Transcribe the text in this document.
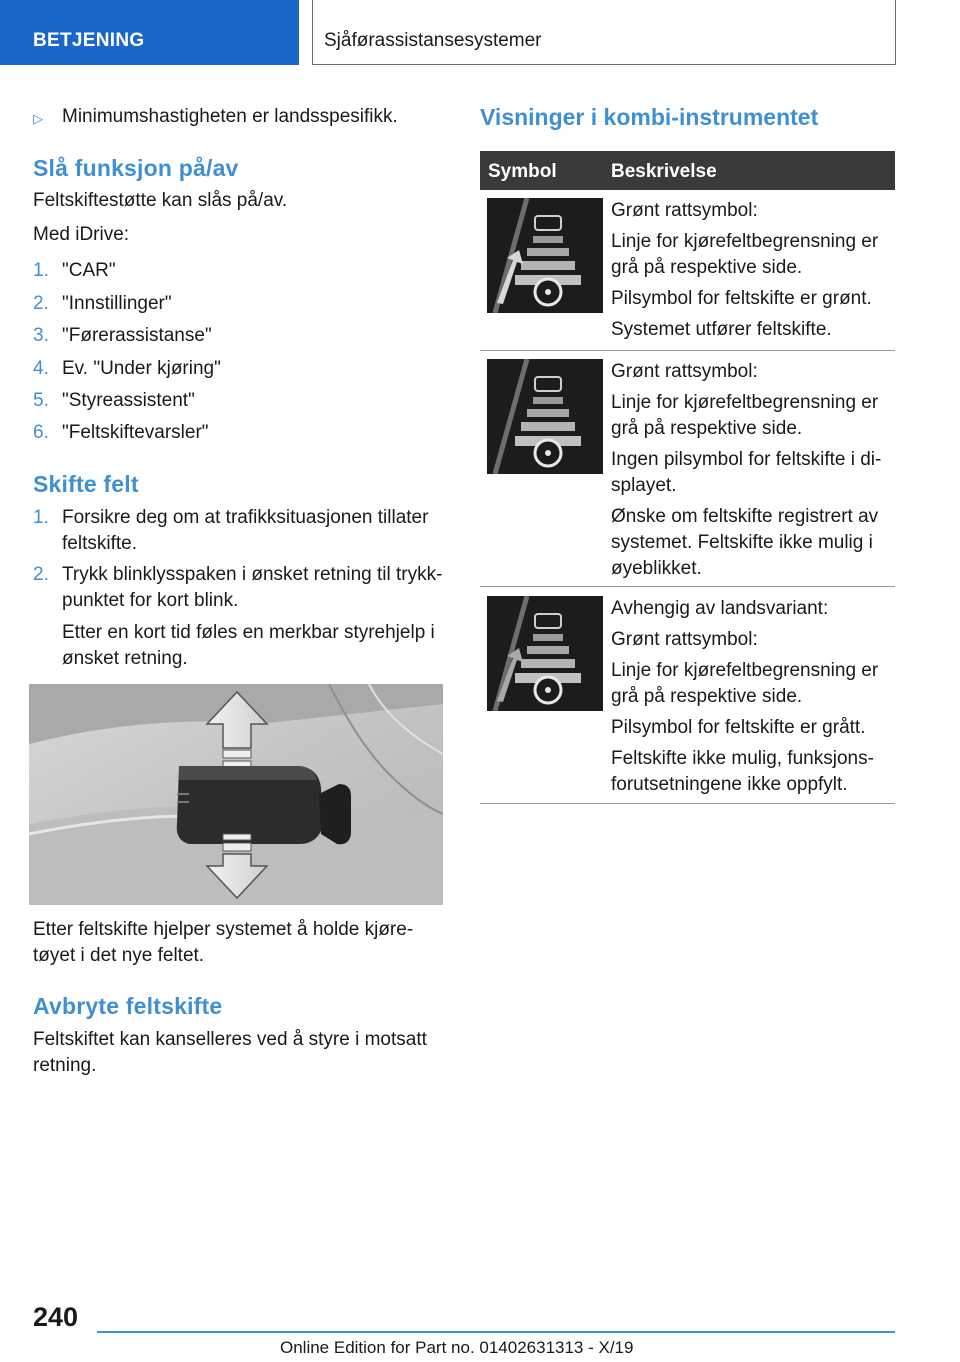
BETJENING	Sjåførassistansesystemer
▷ Minimumshastigheten er landsspesifikk.
Slå funksjon på/av
Feltskiftestøtte kan slås på/av.
Med iDrive:
1. "CAR"
2. "Innstillinger"
3. "Førerassistanse"
4. Ev. "Under kjøring"
5. "Styreassistent"
6. "Feltskiftevarsler"
Skifte felt
1. Forsikre deg om at trafikksituasjonen tillater
feltskifte.
2. Trykk blinklysspaken i ønsket retning til trykk-
punktet for kort blink.
Etter en kort tid føles en merkbar styrehjelp i
ønsket retning.
Etter feltskifte hjelper systemet å holde kjøre-
tøyet i det nye feltet.
Avbryte feltskifte
Feltskiftet kan kanselleres ved å styre i motsatt
retning.
Visninger i kombi-instrumentet
Symbol	Beskrivelse
Grønt rattsymbol:
Linje for kjørefeltbegrensning er grå på respektive side.
Pilsymbol for feltskifte er grønt.
Systemet utfører feltskifte.
Grønt rattsymbol:
Linje for kjørefeltbegrensning er grå på respektive side.
Ingen pilsymbol for feltskifte i di-splayet.
Ønske om feltskifte registrert av systemet. Feltskifte ikke mulig i øyeblikket.
Avhengig av landsvariant:
Grønt rattsymbol:
Linje for kjørefeltbegrensning er grå på respektive side.
Pilsymbol for feltskifte er grått.
Feltskifte ikke mulig, funksjons-forutsetningene ikke oppfylt.
240
Online Edition for Part no. 01402631313 - X/19
